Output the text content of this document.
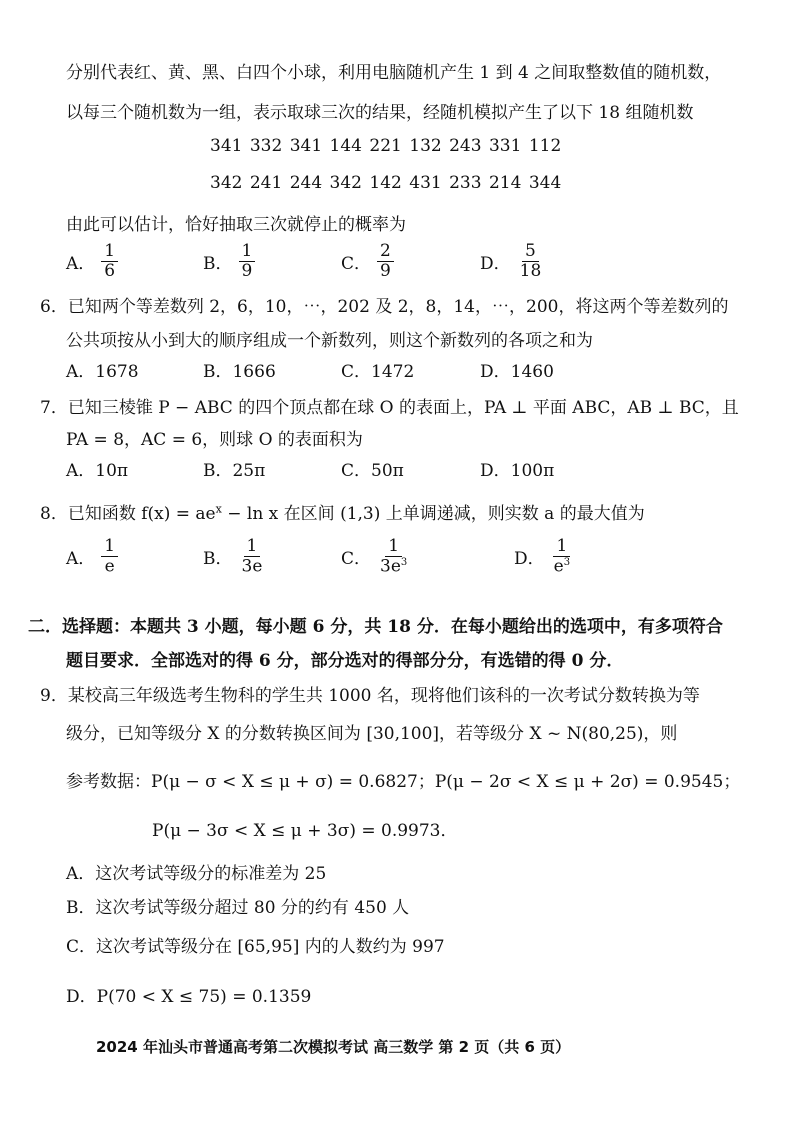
分别代表红、黄、黑、白四个小球，利用电脑随机产生 1 到 4 之间取整数值的随机数，
以每三个随机数为一组，表示取球三次的结果，经随机模拟产生了以下 18 组随机数
341 332 341 144 221 132 243 331 112
342 241 244 342 142 431 233 214 344
由此可以估计，恰好抽取三次就停止的概率为
A． $\frac{1}{6}$	B． $\frac{1}{9}$	C． $\frac{2}{9}$	D． $\frac{5}{18}$
6．已知两个等差数列 2，6，10，⋯，202 及 2，8，14，⋯，200，将这两个等差数列的
公共项按从小到大的顺序组成一个新数列，则这个新数列的各项之和为
A．1678	B．1666	C．1472	D．1460
7．已知三棱锥 P − ABC 的四个顶点都在球 O 的表面上，PA ⊥ 平面 ABC，AB ⊥ BC，且
PA = 8，AC = 6，则球 O 的表面积为
A．10π	B．25π	C．50π	D．100π
8．已知函数 $f(x) = ae^x - \ln x$ 在区间 (1,3) 上单调递减，则实数 a 的最大值为
A． $\frac{1}{e}$	B． $\frac{1}{3e}$	C． $\frac{1}{3e^3}$	D． $\frac{1}{e^3}$
二．选择题：本题共 3 小题，每小题 6 分，共 18 分．在每小题给出的选项中，有多项符合
题目要求．全部选对的得 6 分，部分选对的得部分分，有选错的得 0 分．
9．某校高三年级选考生物科的学生共 1000 名，现将他们该科的一次考试分数转换为等
级分，已知等级分 X 的分数转换区间为 [30,100]，若等级分 X ~ N(80,25)，则
参考数据：P(μ − σ < X ≤ μ + σ) = 0.6827；P(μ − 2σ < X ≤ μ + 2σ) = 0.9545；
P(μ − 3σ < X ≤ μ + 3σ) = 0.9973．
A．这次考试等级分的标准差为 25
B．这次考试等级分超过 80 分的约有 450 人
C．这次考试等级分在 [65,95] 内的人数约为 997
D．P(70 < X ≤ 75) = 0.1359
2024 年汕头市普通高考第二次模拟考试 高三数学 第 2 页（共 6 页）
